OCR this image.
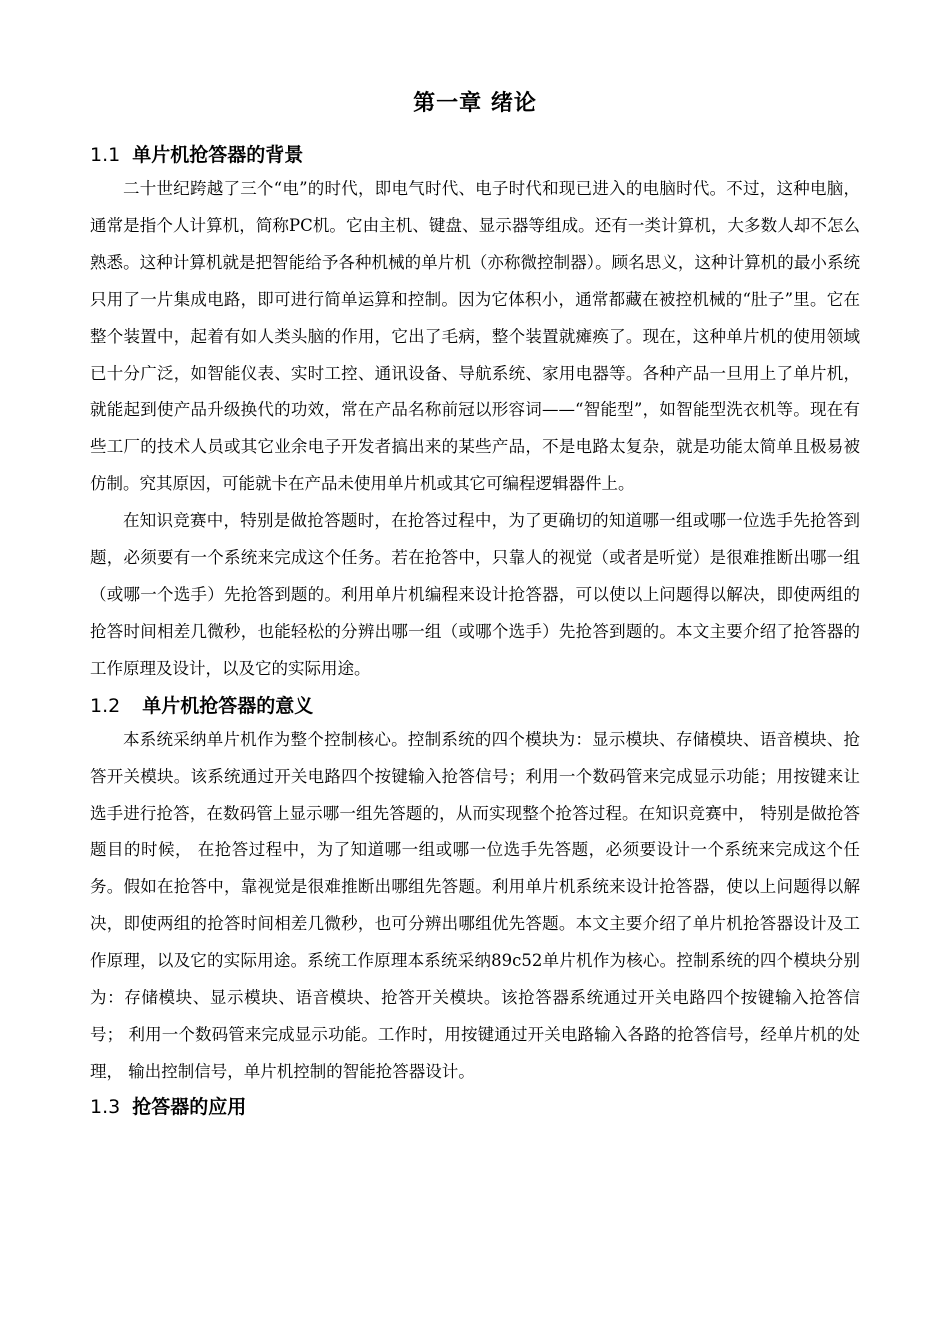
第一章 绪论
1.1 单片机抢答器的背景

二十世纪跨越了三个“电”的时代，即电气时代、电子时代和现已进入的电脑时代。不过，这种电脑，通常是指个人计算机，简称PC机。它由主机、键盘、显示器等组成。还有一类计算机，大多数人却不怎么熟悉。这种计算机就是把智能给予各种机械的单片机（亦称微控制器）。顾名思义，这种计算机的最小系统只用了一片集成电路，即可进行简单运算和控制。因为它体积小，通常都藏在被控机械的“肚子”里。它在整个装置中，起着有如人类头脑的作用，它出了毛病，整个装置就瘫痪了。现在，这种单片机的使用领域已十分广泛，如智能仪表、实时工控、通讯设备、导航系统、家用电器等。各种产品一旦用上了单片机，就能起到使产品升级换代的功效，常在产品名称前冠以形容词——“智能型”，如智能型洗衣机等。现在有些工厂的技术人员或其它业余电子开发者搞出来的某些产品，不是电路太复杂，就是功能太简单且极易被仿制。究其原因，可能就卡在产品未使用单片机或其它可编程逻辑器件上。

在知识竞赛中，特别是做抢答题时，在抢答过程中，为了更确切的知道哪一组或哪一位选手先抢答到题，必须要有一个系统来完成这个任务。若在抢答中，只靠人的视觉（或者是听觉）是很难推断出哪一组（或哪一个选手）先抢答到题的。利用单片机编程来设计抢答器，可以使以上问题得以解决，即使两组的抢答时间相差几微秒，也能轻松的分辨出哪一组（或哪个选手）先抢答到题的。本文主要介绍了抢答器的工作原理及设计，以及它的实际用途。

1.2 单片机抢答器的意义

本系统采纳单片机作为整个控制核心。控制系统的四个模块为：显示模块、存储模块、语音模块、抢答开关模块。该系统通过开关电路四个按键输入抢答信号；利用一个数码管来完成显示功能；用按键来让选手进行抢答，在数码管上显示哪一组先答题的，从而实现整个抢答过程。在知识竞赛中， 特别是做抢答题目的时候， 在抢答过程中，为了知道哪一组或哪一位选手先答题，必须要设计一个系统来完成这个任务。假如在抢答中，靠视觉是很难推断出哪组先答题。利用单片机系统来设计抢答器，使以上问题得以解决，即使两组的抢答时间相差几微秒，也可分辨出哪组优先答题。本文主要介绍了单片机抢答器设计及工作原理，以及它的实际用途。系统工作原理本系统采纳89c52单片机作为核心。控制系统的四个模块分别为：存储模块、显示模块、语音模块、抢答开关模块。该抢答器系统通过开关电路四个按键输入抢答信号； 利用一个数码管来完成显示功能。工作时，用按键通过开关电路输入各路的抢答信号，经单片机的处理， 输出控制信号，单片机控制的智能抢答器设计。

1.3 抢答器的应用
